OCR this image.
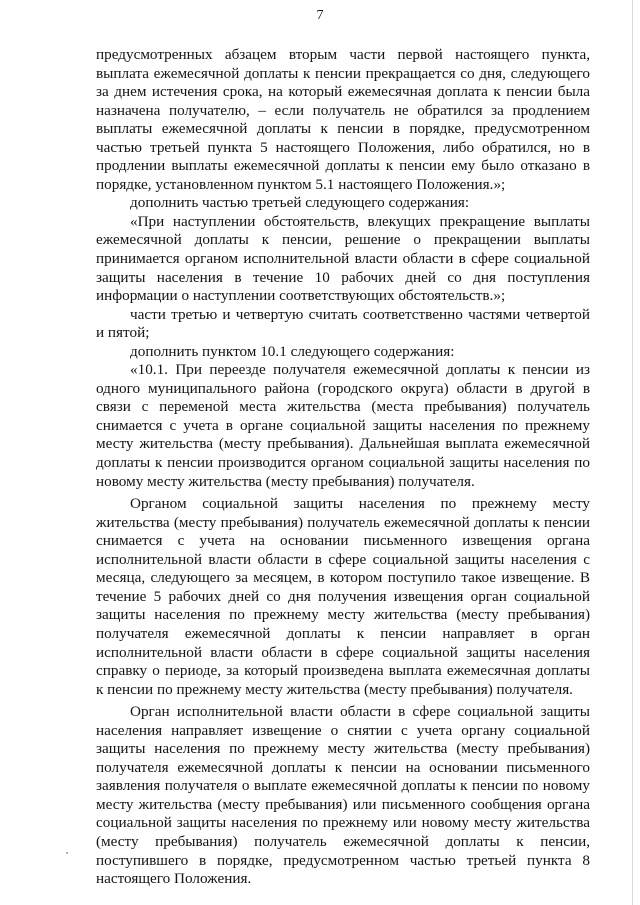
7

предусмотренных абзацем вторым части первой настоящего пункта, выплата ежемесячной доплаты к пенсии прекращается со дня, следующего за днем истечения срока, на который ежемесячная доплата к пенсии была назначена получателю, – если получатель не обратился за продлением выплаты ежемесячной доплаты к пенсии в порядке, предусмотренном частью третьей пункта 5 настоящего Положения, либо обратился, но в продлении выплаты ежемесячной доплаты к пенсии ему было отказано в порядке, установленном пунктом 5.1 настоящего Положения.»;

дополнить частью третьей следующего содержания:

«При наступлении обстоятельств, влекущих прекращение выплаты ежемесячной доплаты к пенсии, решение о прекращении выплаты принимается органом исполнительной власти области в сфере социальной защиты населения в течение 10 рабочих дней со дня поступления информации о наступлении соответствующих обстоятельств.»;

части третью и четвертую считать соответственно частями четвертой и пятой;

дополнить пунктом 10.1 следующего содержания:

«10.1. При переезде получателя ежемесячной доплаты к пенсии из одного муниципального района (городского округа) области в другой в связи с переменой места жительства (места пребывания) получатель снимается с учета в органе социальной защиты населения по прежнему месту жительства (месту пребывания). Дальнейшая выплата ежемесячной доплаты к пенсии производится органом социальной защиты населения по новому месту жительства (месту пребывания) получателя.

Органом социальной защиты населения по прежнему месту жительства (месту пребывания) получатель ежемесячной доплаты к пенсии снимается с учета на основании письменного извещения органа исполнительной власти области в сфере социальной защиты населения с месяца, следующего за месяцем, в котором поступило такое извещение. В течение 5 рабочих дней со дня получения извещения орган социальной защиты населения по прежнему месту жительства (месту пребывания) получателя ежемесячной доплаты к пенсии направляет в орган исполнительной власти области в сфере социальной защиты населения справку о периоде, за который произведена выплата ежемесячная доплаты к пенсии по прежнему месту жительства (месту пребывания) получателя.

Орган исполнительной власти области в сфере социальной защиты населения направляет извещение о снятии с учета органу социальной защиты населения по прежнему месту жительства (месту пребывания) получателя ежемесячной доплаты к пенсии на основании письменного заявления получателя о выплате ежемесячной доплаты к пенсии по новому месту жительства (месту пребывания) или письменного сообщения органа социальной защиты населения по прежнему или новому месту жительства (месту пребывания) получатель ежемесячной доплаты к пенсии, поступившего в порядке, предусмотренном частью третьей пункта 8 настоящего Положения.
